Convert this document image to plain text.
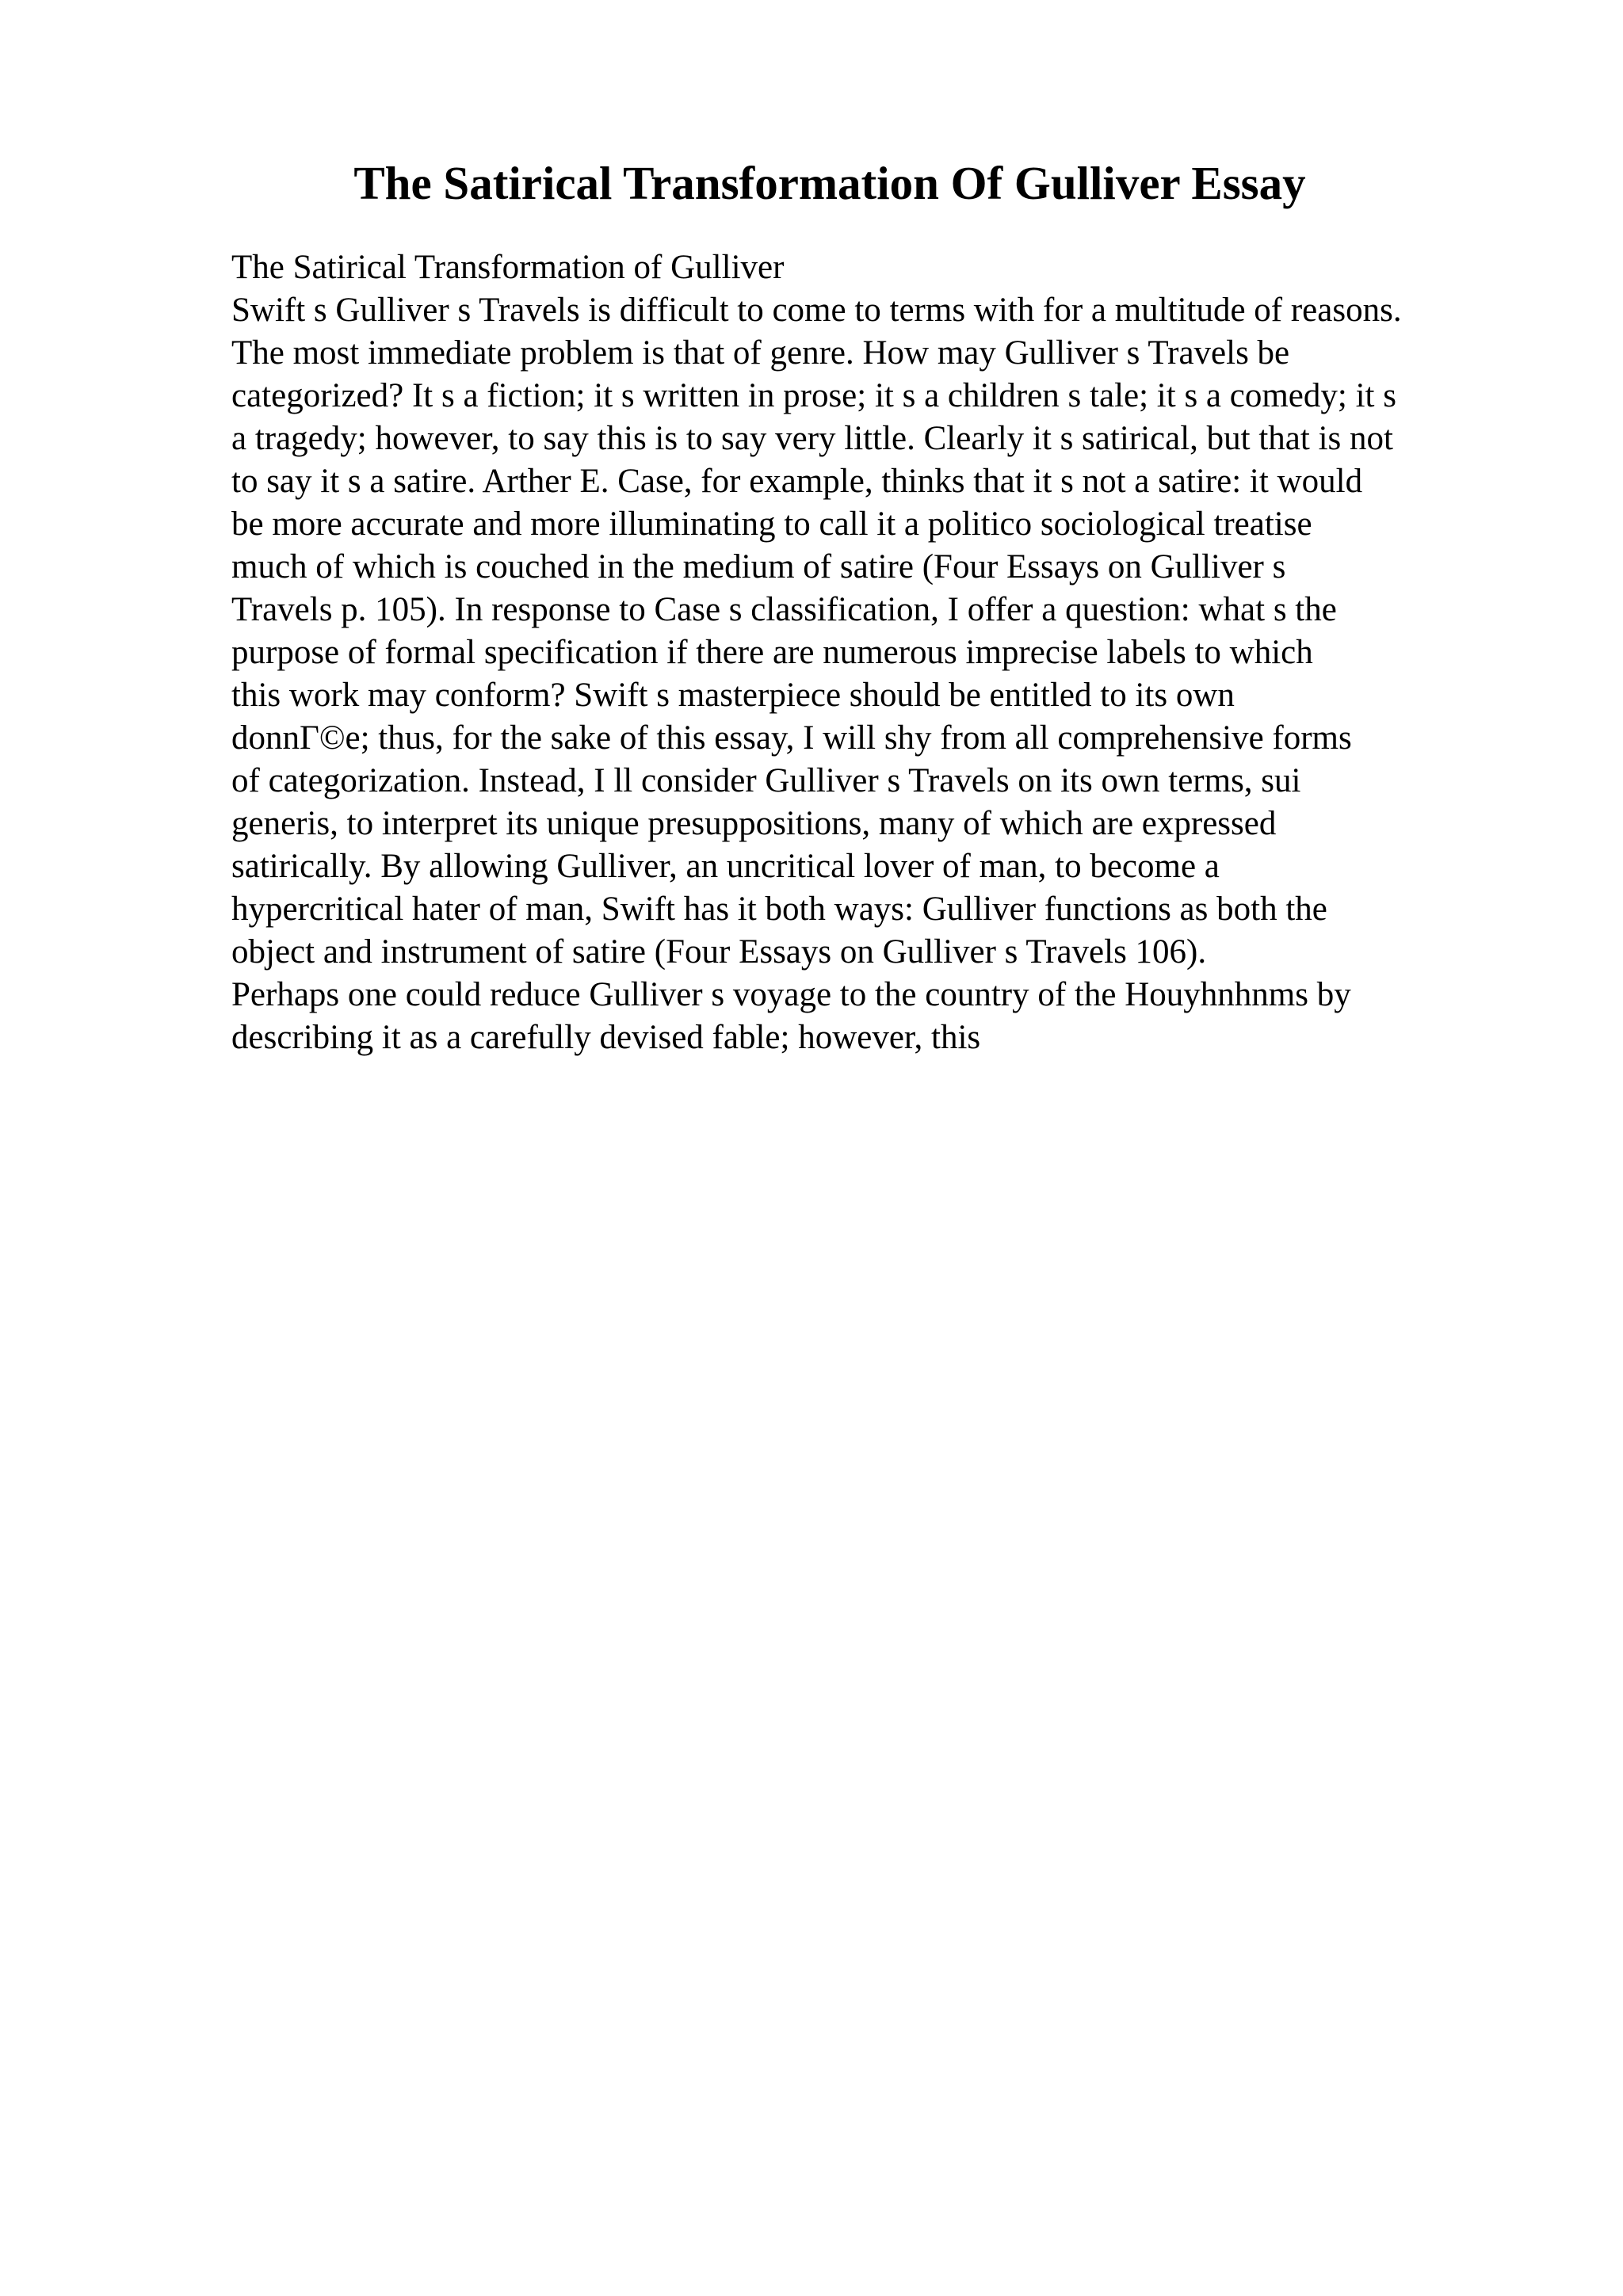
The Satirical Transformation Of Gulliver Essay
The Satirical Transformation of Gulliver
Swift s Gulliver s Travels is difficult to come to terms with for a multitude of reasons.
The most immediate problem is that of genre. How may Gulliver s Travels be
categorized? It s a fiction; it s written in prose; it s a children s tale; it s a comedy; it s
a tragedy; however, to say this is to say very little. Clearly it s satirical, but that is not
to say it s a satire. Arther E. Case, for example, thinks that it s not a satire: it would
be more accurate and more illuminating to call it a politico sociological treatise
much of which is couched in the medium of satire (Four Essays on Gulliver s
Travels p. 105). In response to Case s classification, I offer a question: what s the
purpose of formal specification if there are numerous imprecise labels to which
this work may conform? Swift s masterpiece should be entitled to its own
donnГ©e; thus, for the sake of this essay, I will shy from all comprehensive forms
of categorization. Instead, I ll consider Gulliver s Travels on its own terms, sui
generis, to interpret its unique presuppositions, many of which are expressed
satirically. By allowing Gulliver, an uncritical lover of man, to become a
hypercritical hater of man, Swift has it both ways: Gulliver functions as both the
object and instrument of satire (Four Essays on Gulliver s Travels 106).
Perhaps one could reduce Gulliver s voyage to the country of the Houyhnhnms by
describing it as a carefully devised fable; however, this
